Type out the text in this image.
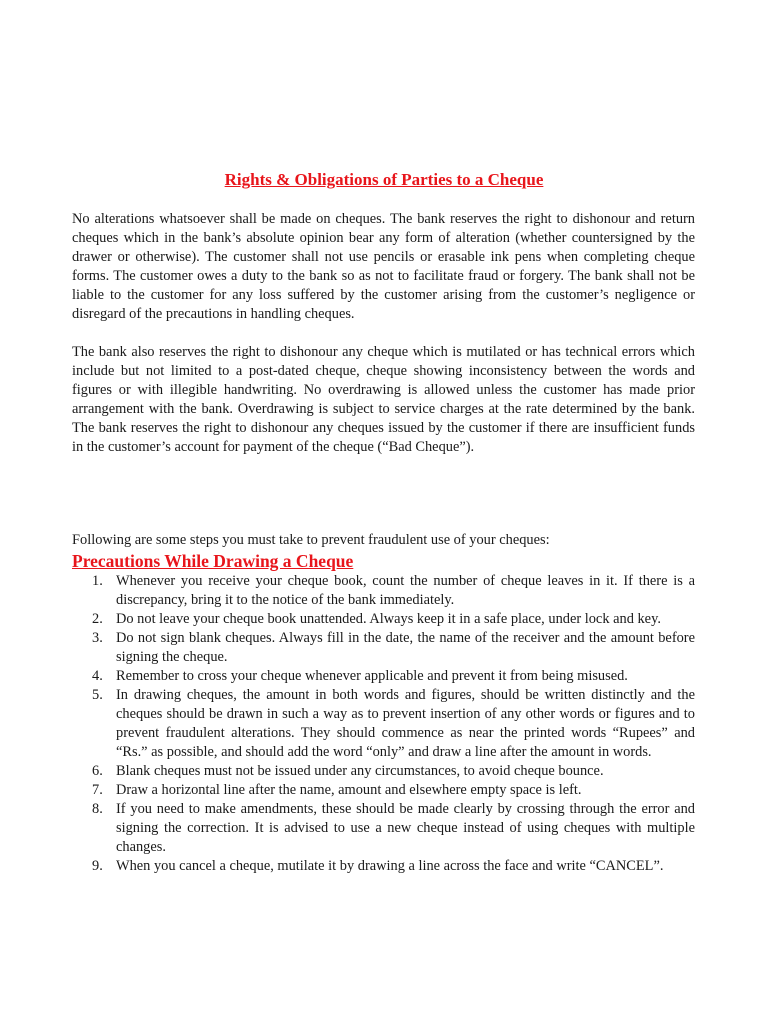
Rights & Obligations of Parties to a Cheque

No alterations whatsoever shall be made on cheques. The bank reserves the right to dishonour and return cheques which in the bank’s absolute opinion bear any form of alteration (whether countersigned by the drawer or otherwise). The customer shall not use pencils or erasable ink pens when completing cheque forms. The customer owes a duty to the bank so as not to facilitate fraud or forgery. The bank shall not be liable to the customer for any loss suffered by the customer arising from the customer’s negligence or disregard of the precautions in handling cheques.

The bank also reserves the right to dishonour any cheque which is mutilated or has technical errors which include but not limited to a post-dated cheque, cheque showing inconsistency between the words and figures or with illegible handwriting. No overdrawing is allowed unless the customer has made prior arrangement with the bank. Overdrawing is subject to service charges at the rate determined by the bank. The bank reserves the right to dishonour any cheques issued by the customer if there are insufficient funds in the customer’s account for payment of the cheque (“Bad Cheque”).

Following are some steps you must take to prevent fraudulent use of your cheques:

Precautions While Drawing a Cheque
1. Whenever you receive your cheque book, count the number of cheque leaves in it. If there is a discrepancy, bring it to the notice of the bank immediately.
2. Do not leave your cheque book unattended. Always keep it in a safe place, under lock and key.
3. Do not sign blank cheques. Always fill in the date, the name of the receiver and the amount before signing the cheque.
4. Remember to cross your cheque whenever applicable and prevent it from being misused.
5. In drawing cheques, the amount in both words and figures, should be written distinctly and the cheques should be drawn in such a way as to prevent insertion of any other words or figures and to prevent fraudulent alterations. They should commence as near the printed words “Rupees” and “Rs.” as possible, and should add the word “only” and draw a line after the amount in words.
6. Blank cheques must not be issued under any circumstances, to avoid cheque bounce.
7. Draw a horizontal line after the name, amount and elsewhere empty space is left.
8. If you need to make amendments, these should be made clearly by crossing through the error and signing the correction. It is advised to use a new cheque instead of using cheques with multiple changes.
9. When you cancel a cheque, mutilate it by drawing a line across the face and write “CANCEL”.
